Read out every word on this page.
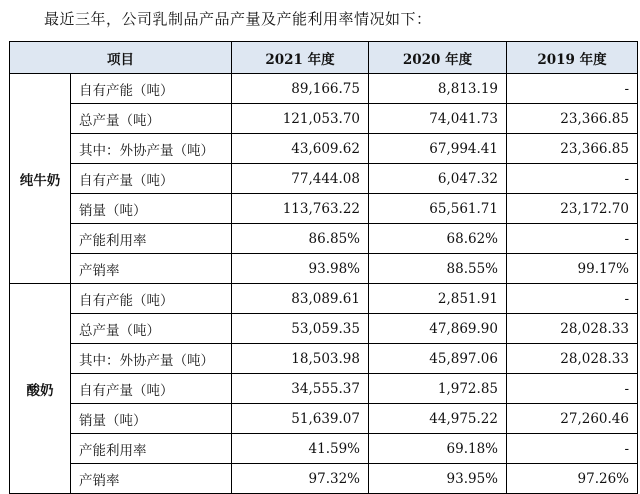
最近三年，公司乳制品产品产量及产能利用率情况如下：
项目		2021 年度	2020 年度	2019 年度
纯牛奶	自有产能（吨）	89,166.75	8,813.19	-
	总产量（吨）	121,053.70	74,041.73	23,366.85
	其中：外协产量（吨）	43,609.62	67,994.41	23,366.85
	自有产量（吨）	77,444.08	6,047.32	-
	销量（吨）	113,763.22	65,561.71	23,172.70
	产能利用率	86.85%	68.62%	-
	产销率	93.98%	88.55%	99.17%
酸奶	自有产能（吨）	83,089.61	2,851.91	-
	总产量（吨）	53,059.35	47,869.90	28,028.33
	其中：外协产量（吨）	18,503.98	45,897.06	28,028.33
	自有产量（吨）	34,555.37	1,972.85	-
	销量（吨）	51,639.07	44,975.22	27,260.46
	产能利用率	41.59%	69.18%	-
	产销率	97.32%	93.95%	97.26%
